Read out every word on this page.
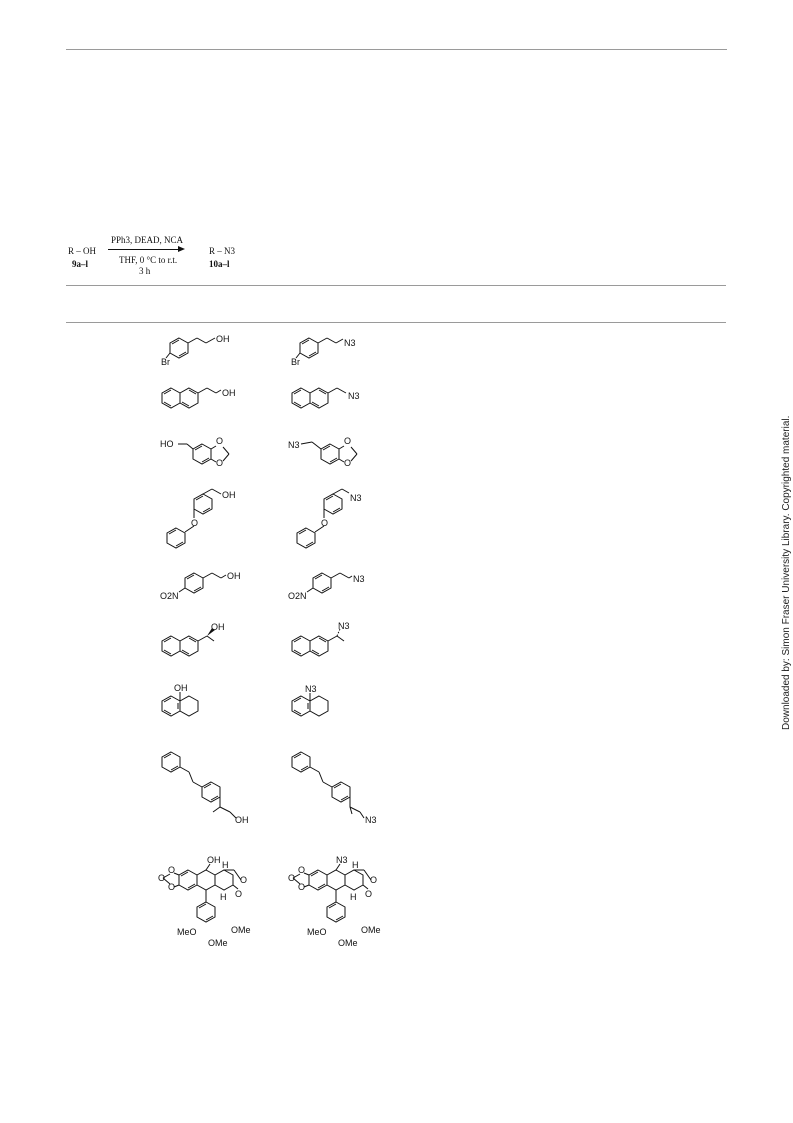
R – OH
9a–l
PPh3, DEAD, NCA
THF, 0 °C to r.t.
3 h
R – N3
10a–l
OH
Br
N3
Br
OH	N3
HO	O
O
N3	O
O
OH
O
N3
O
OH
O2N
N3
O2N
OH	N3
OH	N3
OH	N3
O
O
O
OH H
H
O
O
MeO	OMe
OMe
O
O
O
N3 H
H
O
O
MeO	OMe
OMe
Downloaded by: Simon Fraser University Library. Copyrighted material.
